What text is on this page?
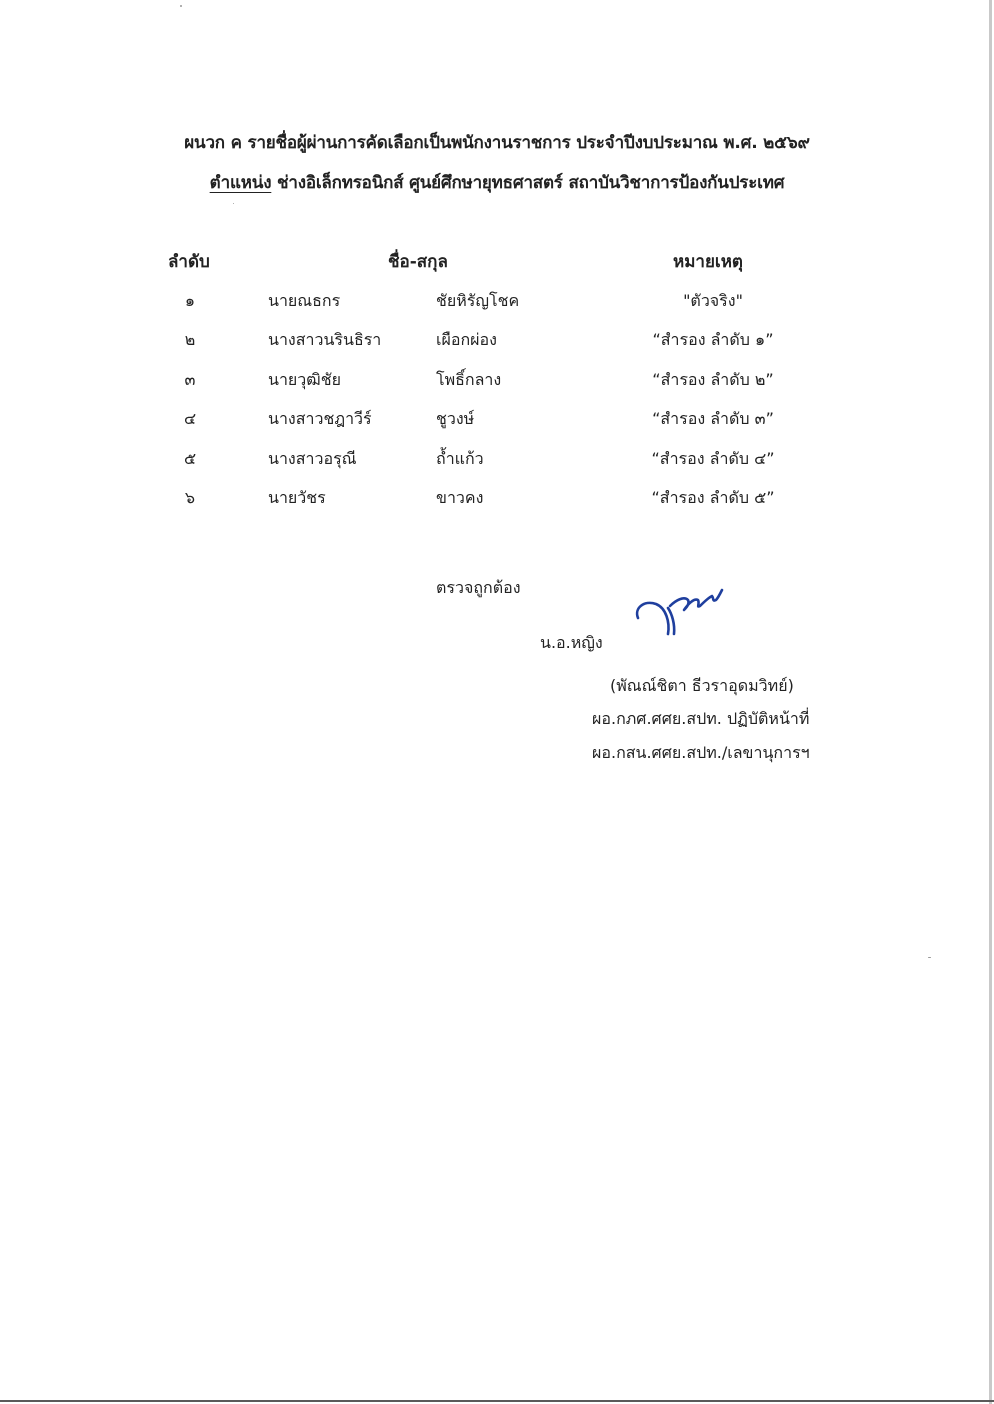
ผนวก ค รายชื่อผู้ผ่านการคัดเลือกเป็นพนักงานราชการ ประจำปีงบประมาณ พ.ศ. ๒๕๖๙
ตำแหน่ง ช่างอิเล็กทรอนิกส์ ศูนย์ศึกษายุทธศาสตร์ สถาบันวิชาการป้องกันประเทศ
ลำดับ	ชื่อ-สกุล	หมายเหตุ
๑	นายณธกร	ชัยหิรัญโชค	"ตัวจริง"
๒	นางสาวนรินธิรา	เผือกผ่อง	“สำรอง ลำดับ ๑”
๓	นายวุฒิชัย	โพธิ์กลาง	“สำรอง ลำดับ ๒”
๔	นางสาวชฎาวีร์	ชูวงษ์	“สำรอง ลำดับ ๓”
๕	นางสาวอรุณี	ถ้ำแก้ว	“สำรอง ลำดับ ๔”
๖	นายวัชร	ขาวคง	“สำรอง ลำดับ ๕”
ตรวจถูกต้อง
น.อ.หญิง
(พัณณ์ชิตา ธีวราอุดมวิทย์)
ผอ.กภศ.ศศย.สปท. ปฏิบัติหน้าที่
ผอ.กสน.ศศย.สปท./เลขานุการฯ
